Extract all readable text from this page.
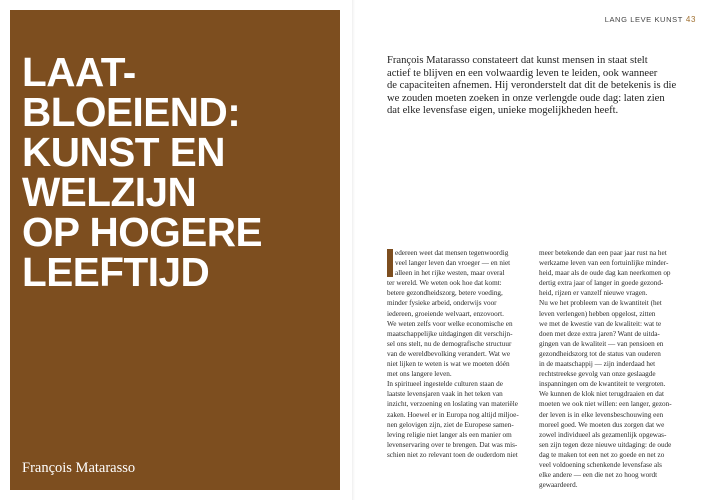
LAAT-
BLOEIEND:
KUNST EN
WELZIJN
OP HOGERE
LEEFTIJD
François Matarasso
LANG LEVE KUNST 43
François Matarasso constateert dat kunst mensen in staat stelt
actief te blijven en een volwaardig leven te leiden, ook wanneer
de capaciteiten afnemen. Hij veronderstelt dat dit de betekenis is die
we zouden moeten zoeken in onze verlengde oude dag: laten zien
dat elke levensfase eigen, unieke mogelijkheden heeft.
edereen weet dat mensen tegenwoordig
veel langer leven dan vroeger — en niet
alleen in het rijke westen, maar overal
ter wereld. We weten ook hoe dat komt:
betere gezondheidszorg, betere voeding,
minder fysieke arbeid, onderwijs voor
iedereen, groeiende welvaart, enzovoort.
We weten zelfs voor welke economische en
maatschappelijke uitdagingen dit verschijn-
sel ons stelt, nu de demografische structuur
van de wereldbevolking verandert. Wat we
niet lijken te weten is wat we moeten dóén
met ons langere leven.
In spiritueel ingestelde culturen staan de
laatste levensjaren vaak in het teken van
inzicht, verzoening en loslating van materiële
zaken. Hoewel er in Europa nog altijd miljoe-
nen gelovigen zijn, ziet de Europese samen-
leving religie niet langer als een manier om
levenservaring over te brengen. Dat was mis-
schien niet zo relevant toen de ouderdom niet
meer betekende dan een paar jaar rust na het
werkzame leven van een fortuinlijke minder-
heid, maar als de oude dag kan neerkomen op
dertig extra jaar of langer in goede gezond-
heid, rijzen er vanzelf nieuwe vragen.
Nu we het probleem van de kwantiteit (het
leven verlengen) hebben opgelost, zitten
we met de kwestie van de kwaliteit: wat te
doen met deze extra jaren? Want de uitda-
gingen van de kwaliteit — van pensioen en
gezondheidszorg tot de status van ouderen
in de maatschappij — zijn inderdaad het
rechtstreekse gevolg van onze geslaagde
inspanningen om de kwantiteit te vergroten.
We kunnen de klok niet terugdraaien en dat
moeten we ook niet willen: een langer, gezon-
der leven is in elke levensbeschouwing een
moreel goed. We moeten dus zorgen dat we
zowel individueel als gezamenlijk opgewas-
sen zijn tegen deze nieuwe uitdaging: de oude
dag te maken tot een net zo goede en net zo
veel voldoening schenkende levensfase als
elke andere — een die net zo hoog wordt
gewaardeerd.
